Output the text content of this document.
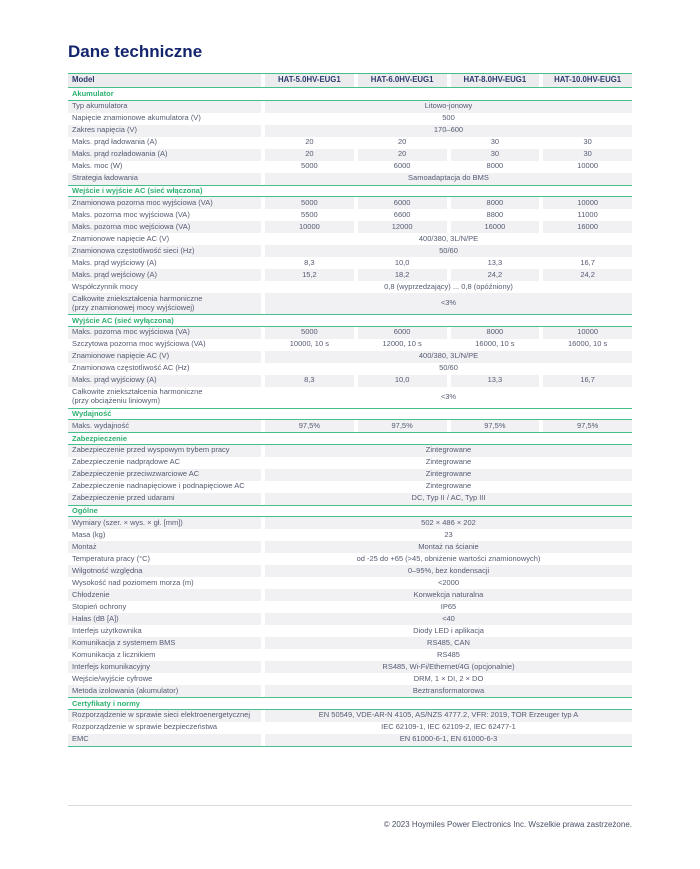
Dane techniczne
Model	HAT-5.0HV-EUG1	HAT-6.0HV-EUG1	HAT-8.0HV-EUG1	HAT-10.0HV-EUG1
Akumulator
Typ akumulatora	Litowo-jonowy
Napięcie znamionowe akumulatora (V)	500
Zakres napięcia (V)	170–600
Maks. prąd ładowania (A)	20	20	30	30
Maks. prąd rozładowania (A)	20	20	30	30
Maks. moc (W)	5000	6000	8000	10000
Strategia ładowania	Samoadaptacja do BMS
Wejście i wyjście AC (sieć włączona)
Znamionowa pozorna moc wyjściowa (VA)	5000	6000	8000	10000
Maks. pozorna moc wyjściowa (VA)	5500	6600	8800	11000
Maks. pozorna moc wejściowa (VA)	10000	12000	16000	16000
Znamionowe napięcie AC (V)	400/380, 3L/N/PE
Znamionowa częstotliwość sieci (Hz)	50/60
Maks. prąd wyjściowy (A)	8,3	10,0	13,3	16,7
Maks. prąd wejściowy (A)	15,2	18,2	24,2	24,2
Współczynnik mocy	0,8 (wyprzedzający) ... 0,8 (opóźniony)
Całkowite zniekształcenia harmoniczne
(przy znamionowej mocy wyjściowej)	<3%
Wyjście AC (sieć wyłączona)
Maks. pozorna moc wyjściowa (VA)	5000	6000	8000	10000
Szczytowa pozorna moc wyjściowa (VA)	10000, 10 s	12000, 10 s	16000, 10 s	16000, 10 s
Znamionowe napięcie AC (V)	400/380, 3L/N/PE
Znamionowa częstotliwość AC (Hz)	50/60
Maks. prąd wyjściowy (A)	8,3	10,0	13,3	16,7
Całkowite zniekształcenia harmoniczne
(przy obciążeniu liniowym)	<3%
Wydajność
Maks. wydajność	97,5%	97,5%	97,5%	97,5%
Zabezpieczenie
Zabezpieczenie przed wyspowym trybem pracy	Zintegrowane
Zabezpieczenie nadprądowe AC	Zintegrowane
Zabezpieczenie przeciwzwarciowe AC	Zintegrowane
Zabezpieczenie nadnapięciowe i podnapięciowe AC	Zintegrowane
Zabezpieczenie przed udarami	DC, Typ II / AC, Typ III
Ogólne
Wymiary (szer. × wys. × gł. [mm])	502 × 486 × 202
Masa (kg)	23
Montaż	Montaż na ścianie
Temperatura pracy (°C)	od -25 do +65 (>45, obniżenie wartości znamionowych)
Wilgotność względna	0–95%, bez kondensacji
Wysokość nad poziomem morza (m)	<2000
Chłodzenie	Konwekcja naturalna
Stopień ochrony	IP65
Hałas (dB [A])	<40
Interfejs użytkownika	Diody LED i aplikacja
Komunikacja z systemem BMS	RS485, CAN
Komunikacja z licznikiem	RS485
Interfejs komunikacyjny	RS485, Wi-Fi/Ethernet/4G (opcjonalnie)
Wejście/wyjście cyfrowe	DRM, 1 × DI, 2 × DO
Metoda izolowania (akumulator)	Beztransformatorowa
Certyfikaty i normy
Rozporządzenie w sprawie sieci elektroenergetycznej	EN 50549, VDE-AR-N 4105, AS/NZS 4777.2, VFR: 2019, TOR Erzeuger typ A
Rozporządzenie w sprawie bezpieczeństwa	IEC 62109-1, IEC 62109-2, IEC 62477-1
EMC	EN 61000-6-1, EN 61000-6-3
© 2023 Hoymiles Power Electronics Inc. Wszelkie prawa zastrzeżone.
